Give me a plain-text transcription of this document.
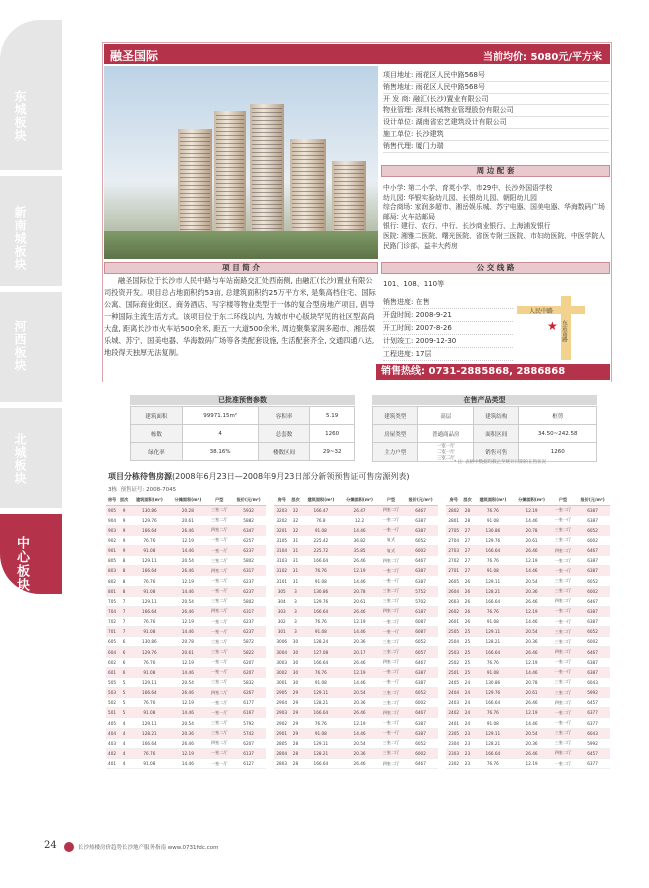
东城板块
新南城板块
河西板块
北城板块
中心板块
融圣国际	当前均价: 5080元/平方米
项目地址: 雨花区人民中路568号
销售地址: 雨花区人民中路568号
开 发 商: 融汇(长沙)置业有限公司
物业管理: 深圳长城物业管理股份有限公司
设计单位: 湖南省宏艺建筑设计有限公司
施工单位: 长沙建筑
销售代理: 厦门力瑞
周 边 配 套
中小学: 第二小学、育英小学、市29中、长沙外国语学校
幼儿园: 华银实验幼儿园、长银幼儿园、朝阳幼儿园
综合商场: 家润多超市、湘岳娱乐城、苏宁电器、国美电器、华海数码广场
邮局: 火车站邮局
银行: 建行、农行、中行、长沙商业银行、上海浦发银行
医院: 湘雅二医院、曙光医院、省医专附三医院、市妇幼医院、中医学院人民路门诊部、益丰大药房
项 目 简 介
融圣国际位于长沙市人民中路与车站南路交汇处西南侧, 由融汇(长沙)置业有限公司投资开发。项目总占地面积约53亩, 总建筑面积约25万平方米, 是集高档住宅、国际公寓、国际商业街区、商务酒店、写字楼等物业类型于一体的复合型房地产项目, 倡导一种国际主流生活方式。该项目位于东二环线以内, 为城市中心版块罕见的社区型高尚大盘, 距离长沙市火车站500余米, 距五一大道500余米, 周边聚集家润多超市、湘岳娱乐城、苏宁、国美电器、华海数码广场等各类配套设施, 生活配套齐全, 交通四通八达, 地段得天独厚无法复制。
公 交 线 路
101、108、110等
销售进度: 在售
开盘时间: 2008-9-21
开工时间: 2007-8-26
计划竣工: 2009-12-30
工程进度: 17层
人民中路
东站南路
★
销售热线: 0731-2885868, 2886868
已批准预售参数
建筑面积	99971.15m²	容积率	5.19
栋数	4	总套数	1260
绿化率	38.16%	楼数区间	29~32
在售产品类型
建筑类型	高层	建筑结构	框剪
房屋类型	普通商品房	面积区间	34.50~242.58
主力户型	一室一厅
二室一厅
三室二厅	销售可售	1260
* 注: 表格中数据均截止至统计日期的在售状况
项目分栋待售房源(2008年6月23日—2008年9月23日部分新领预售证可售房源列表)
3栋 预售证号: 2008-7045
房号	层次	建筑面积(m²)	分摊面积(m²)	户型	报价(元/m²)
905	9	130.86	20.28	三室二厅	5932
904	9	129.76	20.61	三室二厅	5882
903	9	166.64	26.46	四室二厅	6347
902	9	76.76	12.19	一室二厅	6257
901	9	91.08	14.46	一室一厅	6237
805	8	129.11	20.54	三室二厅	5802
803	8	166.64	26.46	四室二厅	6317
802	8	76.76	12.19	一室二厅	6237
801	8	91.08	14.46	一室一厅	6237
705	7	129.11	20.54	三室二厅	5802
704	7	166.64	26.46	四室二厅	6317
702	7	76.76	12.19	一室二厅	6237
701	7	91.08	14.46	一室一厅	6237
605	6	130.86	20.78	三室二厅	5872
604	6	129.76	20.61	三室二厅	5822
602	6	76.76	12.19	一室二厅	6207
601	6	91.08	14.46	一室一厅	6207
505	5	129.11	20.54	三室二厅	5832
503	5	166.64	26.46	四室二厅	6267
502	5	76.76	12.19	一室二厅	6177
501	5	91.08	14.46	一室一厅	6167
405	4	129.11	20.54	三室二厅	5792
404	4	128.21	20.36	三室二厅	5742
403	4	166.64	26.46	四室二厅	6207
402	4	76.76	12.19	一室二厅	6137
401	4	91.08	14.46	一室一厅	6127
房号	层次	建筑面积(m²)	分摊面积(m²)	户型	报价(元/m²)
3203	32	166.47	26.47	四室二厅	6467
3202	32	76.8	12.2	一室二厅	6387
3201	32	91.08	14.46	一室一厅	6387
3105	31	225.42	36.82	复式	6052
3104	31	225.72	35.85	复式	6002
3103	31	166.64	26.46	四室二厅	6467
3102	31	76.76	12.19	一室二厅	6387
3101	31	91.08	14.46	一室一厅	6387
305	3	130.86	20.78	三室二厅	5752
304	3	129.76	20.61	三室二厅	5702
303	3	166.64	26.46	四室二厅	6187
302	3	76.76	12.19	一室二厅	6087
301	3	91.08	14.46	一室一厅	6087
3006	30	128.24	20.36	三室二厅	6052
3004	30	127.08	20.17	三室二厅	6057
3003	30	166.64	26.46	四室二厅	6467
3002	30	76.76	12.19	一室二厅	6387
3001	30	91.08	14.46	一室一厅	6387
2905	29	129.11	20.54	三室二厅	6052
2904	29	128.21	20.36	三室二厅	6002
2903	29	166.64	26.46	四室二厅	6467
2902	29	76.76	12.19	一室二厅	6387
2901	29	91.08	14.46	一室一厅	6387
2805	28	129.11	20.54	三室二厅	6052
2804	28	128.21	20.36	三室二厅	6002
2803	28	166.64	26.46	四室二厅	6467
房号	层次	建筑面积(m²)	分摊面积(m²)	户型	报价(元/m²)
2802	28	76.76	12.19	一室二厅	6387
2801	28	91.08	14.46	一室一厅	6387
2705	27	130.86	20.78	三室二厅	6052
2704	27	129.76	20.61	三室二厅	6002
2703	27	166.64	26.46	四室二厅	6467
2702	27	76.76	12.19	一室二厅	6387
2701	27	91.08	14.46	一室一厅	6387
2605	26	129.11	20.54	三室二厅	6052
2604	26	128.21	20.36	三室二厅	6002
2603	26	166.64	26.46	四室二厅	6467
2602	26	76.76	12.19	一室二厅	6387
2601	26	91.08	14.46	一室一厅	6387
2505	25	129.11	20.54	三室二厅	6052
2504	25	128.21	20.36	三室二厅	6002
2503	25	166.64	26.46	四室二厅	6467
2502	25	76.76	12.19	一室二厅	6387
2501	25	91.08	14.46	一室一厅	6387
2405	24	130.86	20.78	三室二厅	6043
2404	24	129.76	20.61	三室二厅	5992
2403	24	166.64	26.46	四室二厅	6457
2402	24	76.76	12.19	一室二厅	6377
2401	24	91.08	14.46	一室一厅	6377
2305	23	129.11	20.54	三室二厅	6043
2304	23	128.21	20.36	三室二厅	5992
2303	23	166.64	26.46	四室二厅	6457
2302	23	76.76	12.19	一室二厅	6377
24	长沙热楼房价趋势长沙地产服务指南 www.0731fdc.com
